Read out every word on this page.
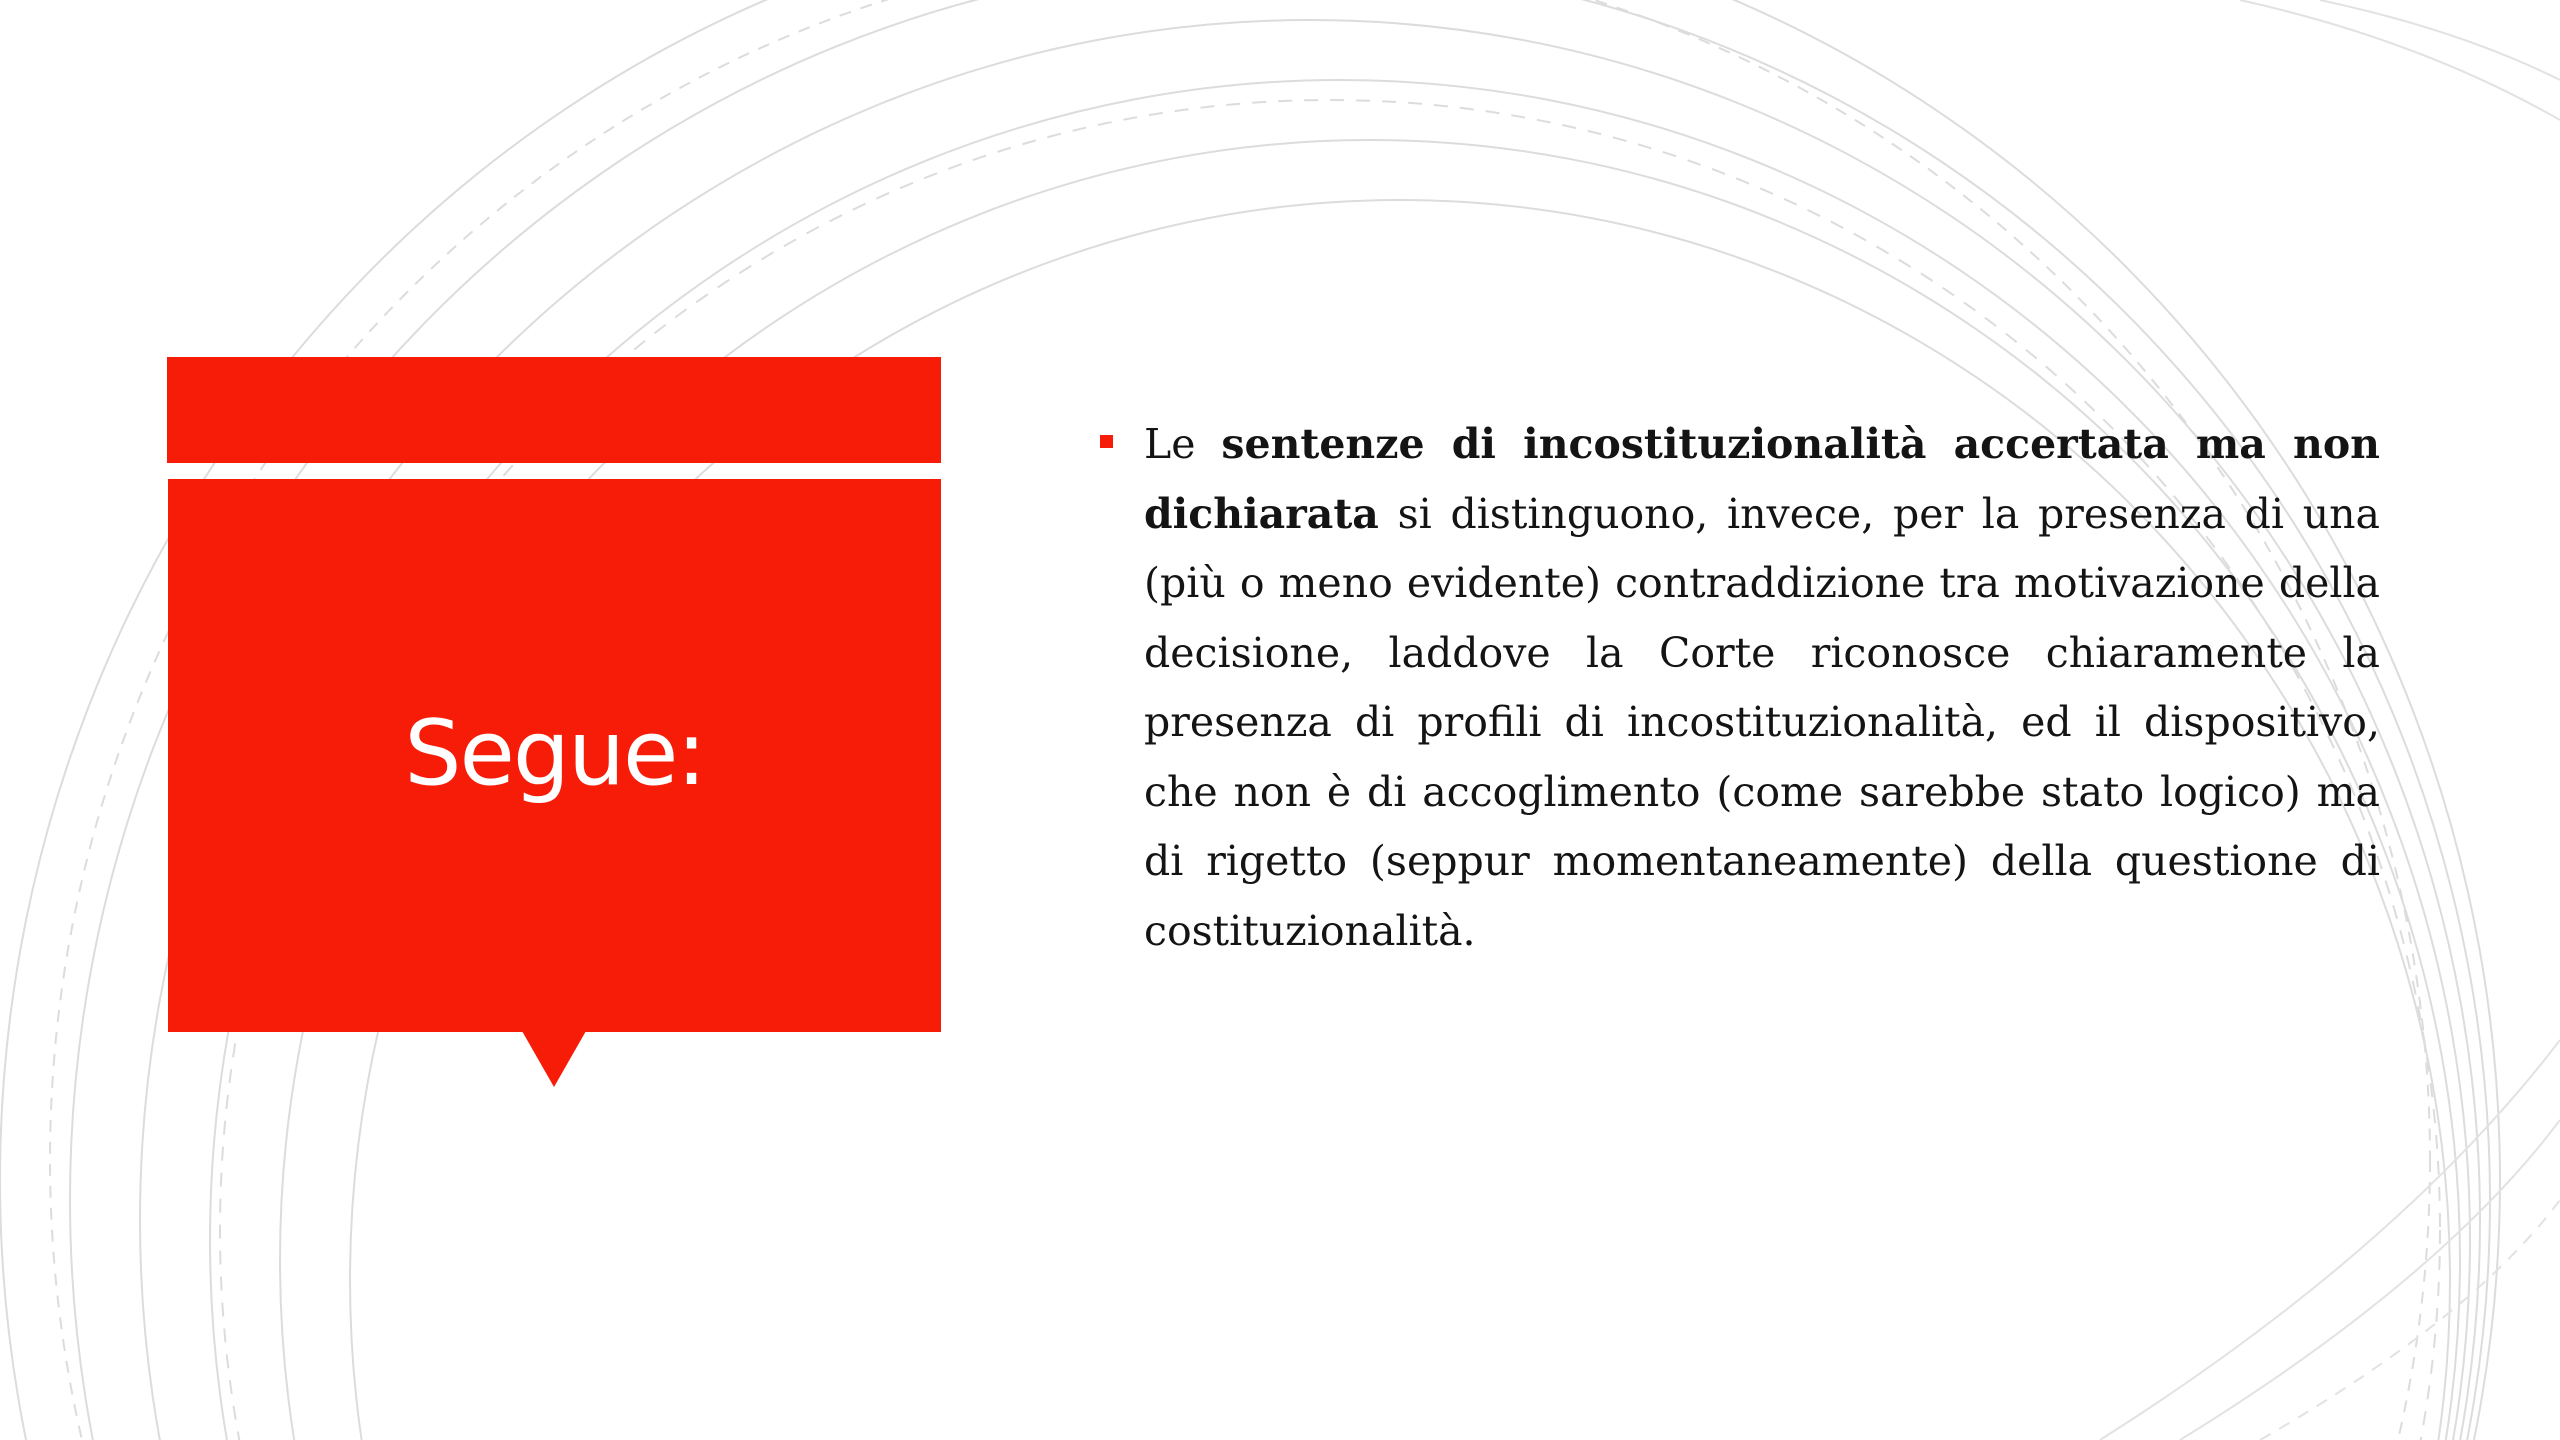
Segue:

Le sentenze di incostituzionalità accertata ma non dichiarata si distinguono, invece, per la presenza di una (più o meno evidente) contraddizione tra motivazione della decisione, laddove la Corte riconosce chiaramente la presenza di profili di incostituzionalità, ed il dispositivo, che non è di accoglimento (come sarebbe stato logico) ma di rigetto (seppur momentaneamente) della questione di costituzionalità.
